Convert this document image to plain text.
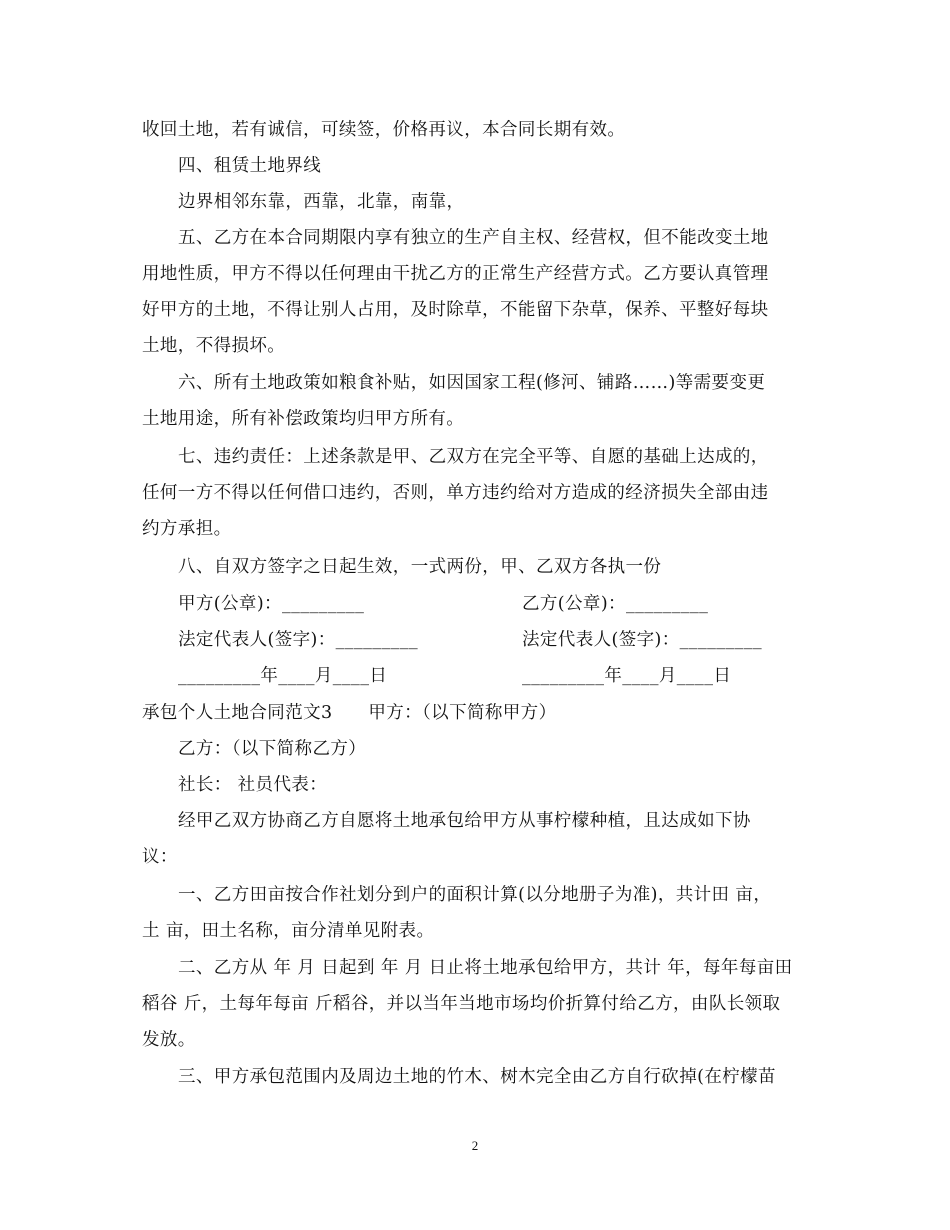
收回土地，若有诚信，可续签，价格再议，本合同长期有效。
四、租赁土地界线
边界相邻东靠，西靠，北靠，南靠，
五、乙方在本合同期限内享有独立的生产自主权、经营权，但不能改变土地
用地性质，甲方不得以任何理由干扰乙方的正常生产经营方式。乙方要认真管理
好甲方的土地，不得让别人占用，及时除草，不能留下杂草，保养、平整好每块
土地，不得损坏。
六、所有土地政策如粮食补贴，如因国家工程(修河、铺路……)等需要变更
土地用途，所有补偿政策均归甲方所有。
七、违约责任：上述条款是甲、乙双方在完全平等、自愿的基础上达成的，
任何一方不得以任何借口违约，否则，单方违约给对方造成的经济损失全部由违
约方承担。
八、自双方签字之日起生效，一式两份，甲、乙双方各执一份
甲方(公章)：_________	乙方(公章)：_________
法定代表人(签字)：_________	法定代表人(签字)：_________
_________年____月____日	_________年____月____日
承包个人土地合同范文3　　甲方：（以下简称甲方）
乙方：（以下简称乙方）
社长： 社员代表：
经甲乙双方协商乙方自愿将土地承包给甲方从事柠檬种植，且达成如下协
议：
一、乙方田亩按合作社划分到户的面积计算(以分地册子为准)，共计田 亩，
土 亩，田土名称，亩分清单见附表。
二、乙方从 年 月 日起到 年 月 日止将土地承包给甲方，共计 年，每年每亩田
稻谷 斤，土每年每亩 斤稻谷，并以当年当地市场均价折算付给乙方，由队长领取
发放。
三、甲方承包范围内及周边土地的竹木、树木完全由乙方自行砍掉(在柠檬苗
2
